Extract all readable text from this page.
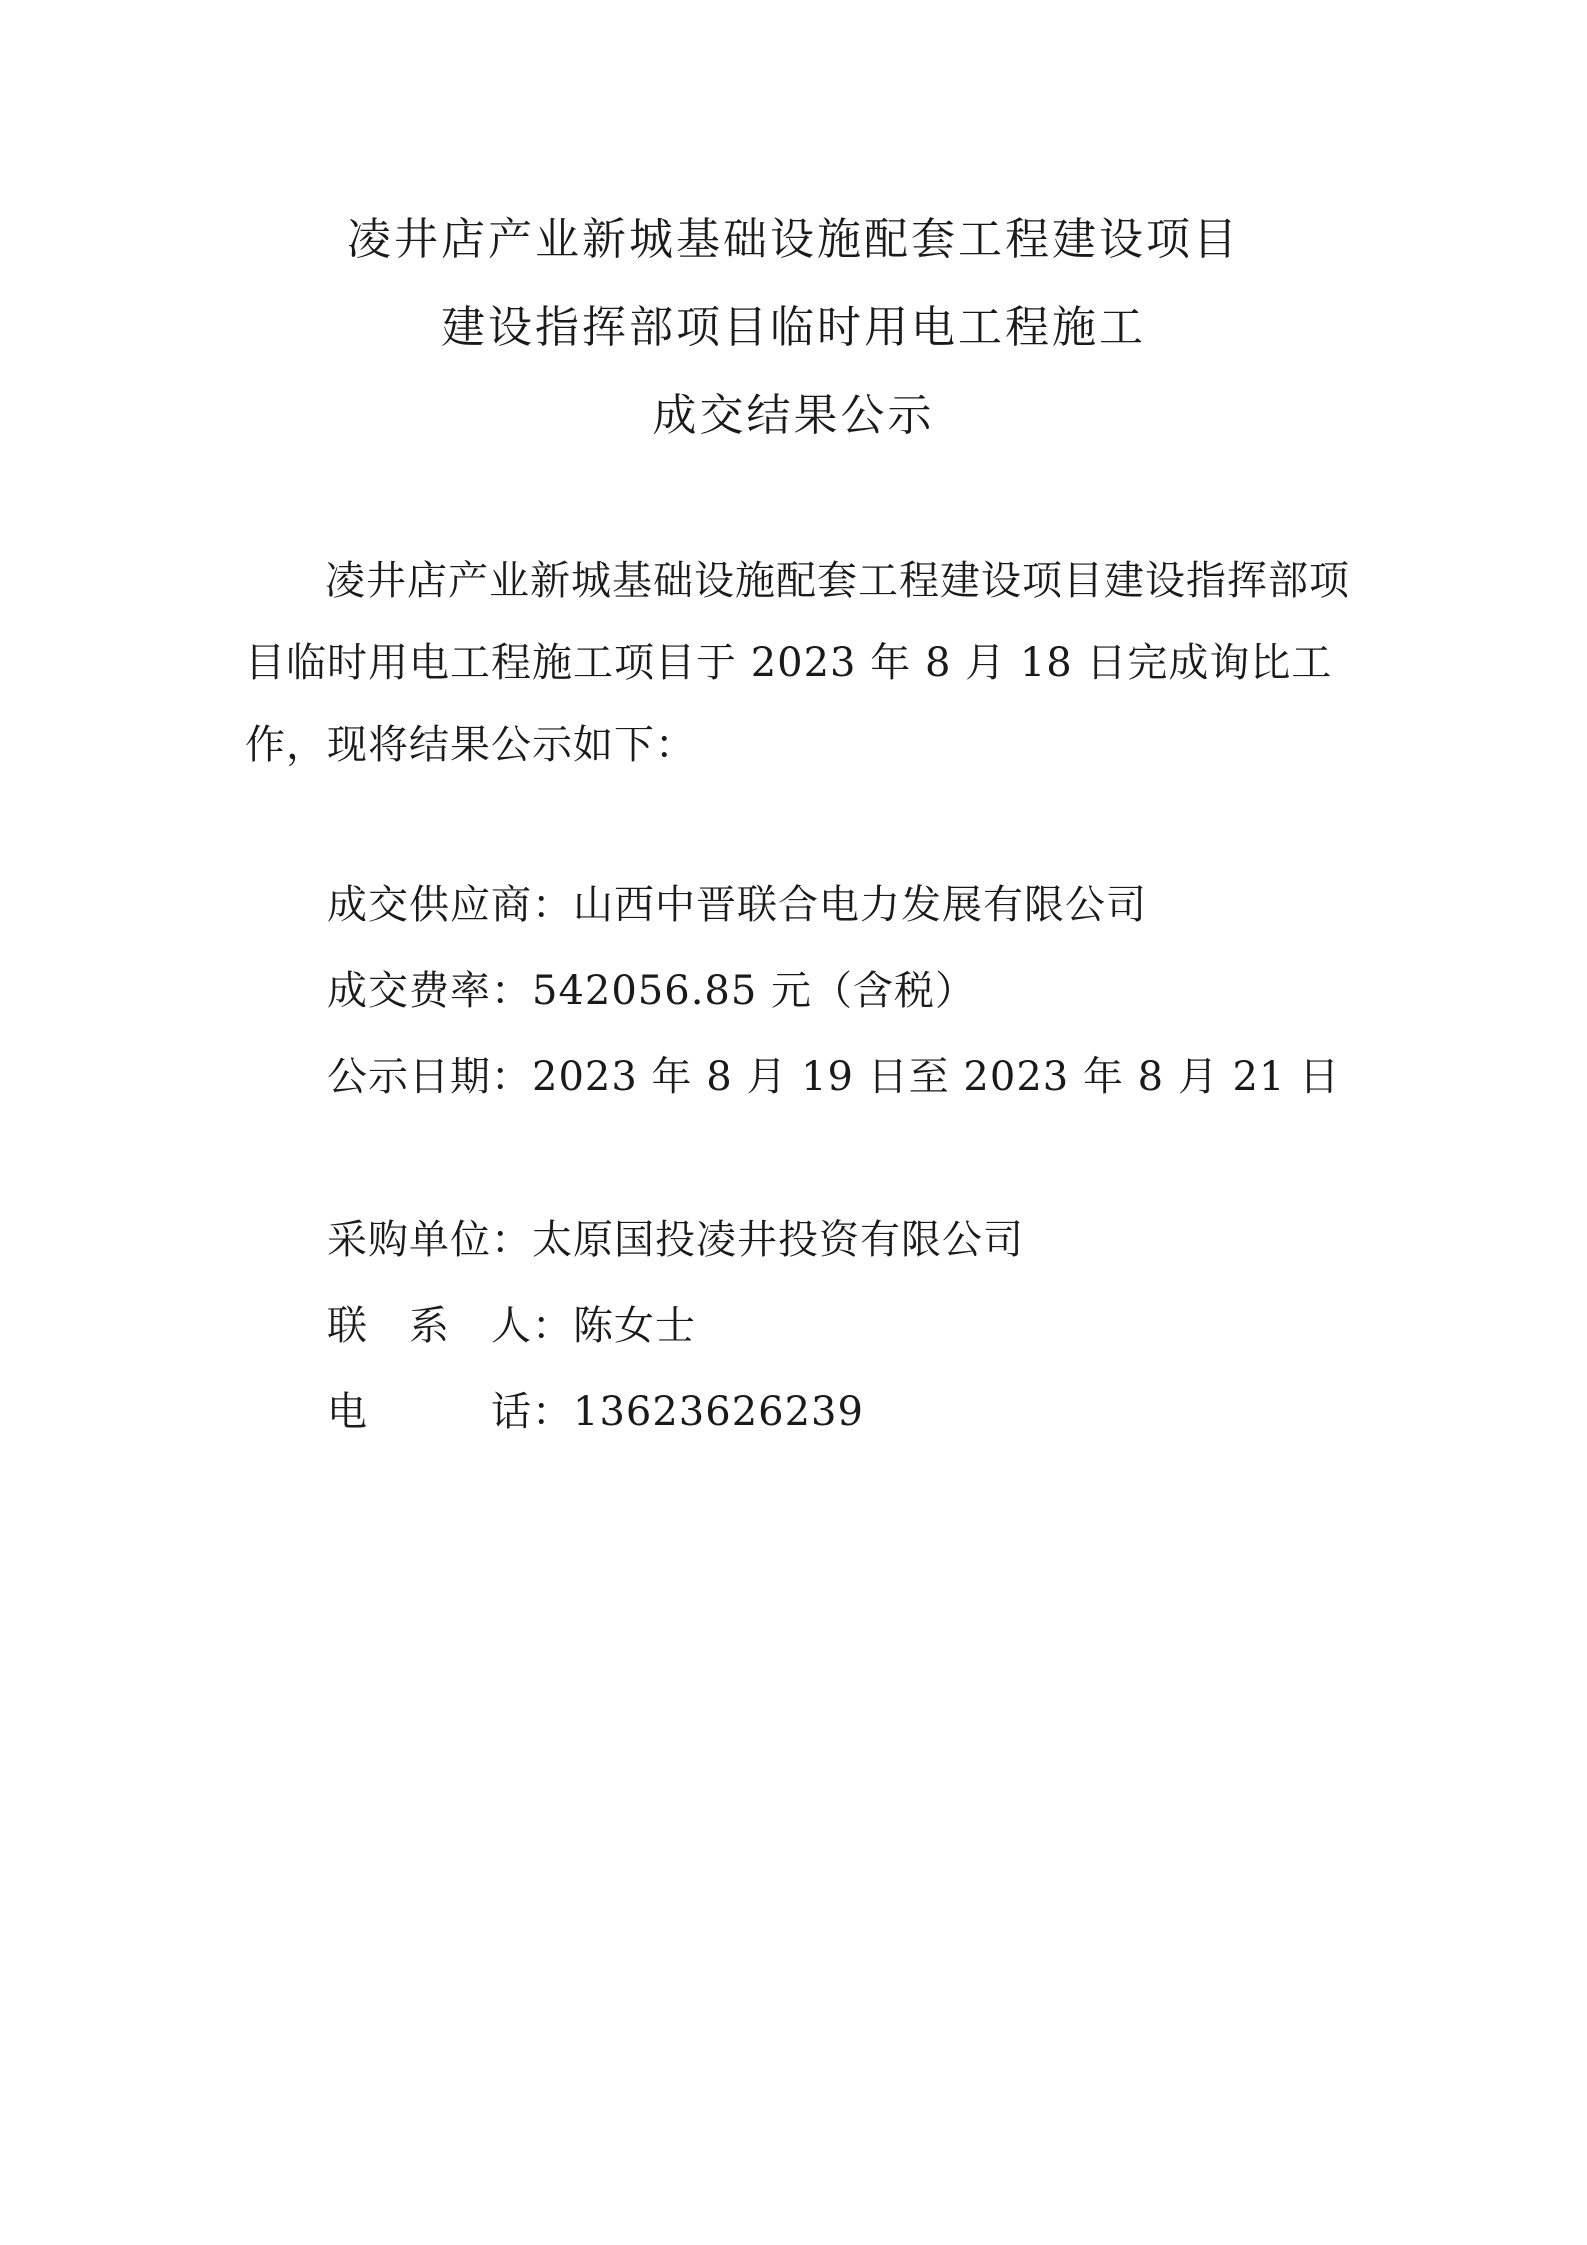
凌井店产业新城基础设施配套工程建设项目
建设指挥部项目临时用电工程施工
成交结果公示
凌井店产业新城基础设施配套工程建设项目建设指挥部项目临时用电工程施工项目于 2023 年 8 月 18 日完成询比工作，现将结果公示如下：
成交供应商：山西中晋联合电力发展有限公司
成交费率：542056.85 元（含税）
公示日期：2023 年 8 月 19 日至 2023 年 8 月 21 日
采购单位：太原国投凌井投资有限公司
联　系　人：陈女士
电　　　话：13623626239
